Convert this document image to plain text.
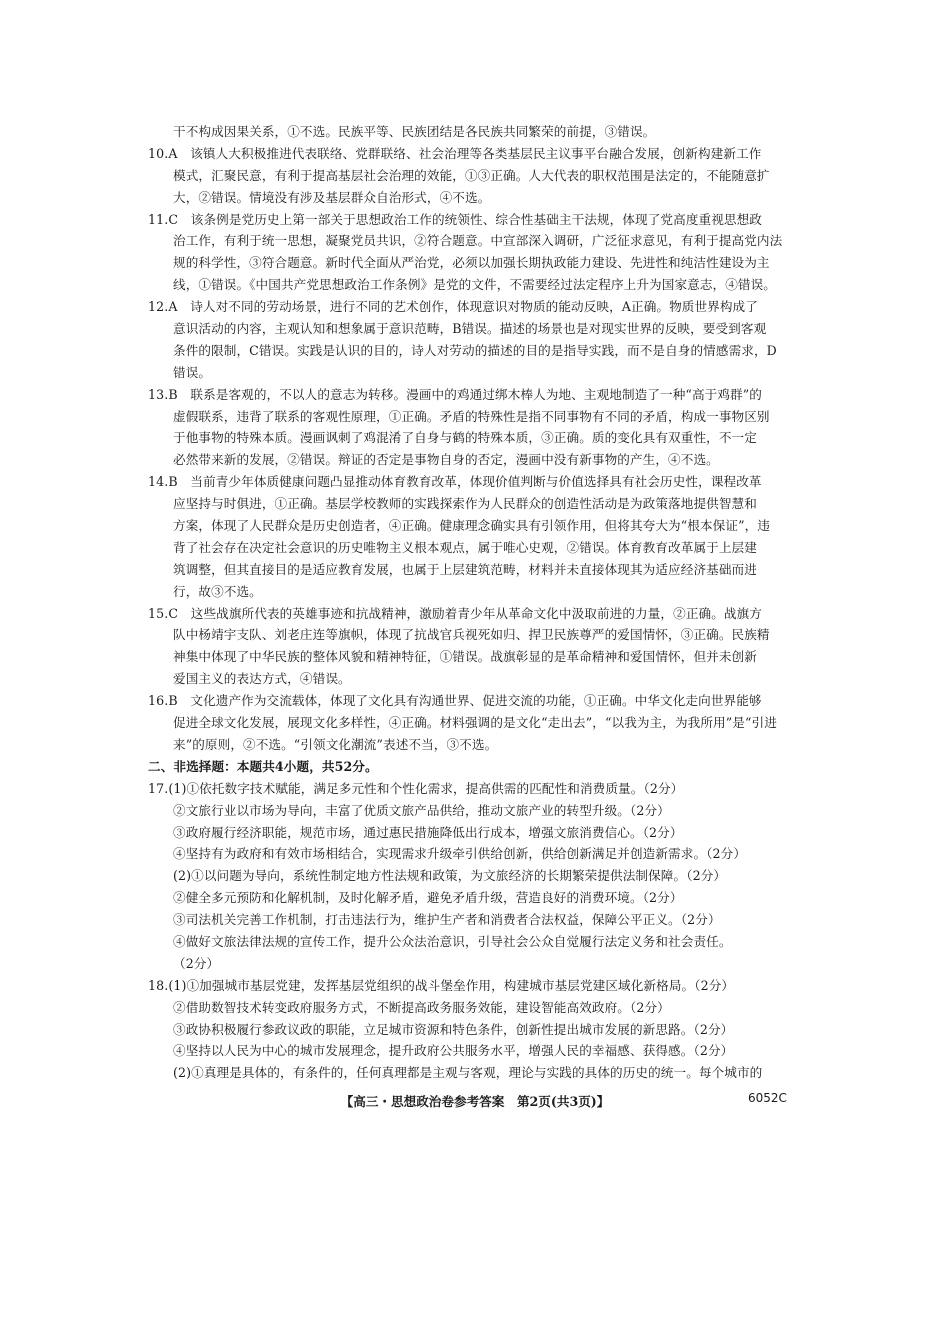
干不构成因果关系，①不选。民族平等、民族团结是各民族共同繁荣的前提，③错误。
10.A　该镇人大积极推进代表联络、党群联络、社会治理等各类基层民主议事平台融合发展，创新构建新工作
模式，汇聚民意，有利于提高基层社会治理的效能，①③正确。人大代表的职权范围是法定的，不能随意扩
大，②错误。情境没有涉及基层群众自治形式，④不选。
11.C　该条例是党历史上第一部关于思想政治工作的统领性、综合性基础主干法规，体现了党高度重视思想政
治工作，有利于统一思想，凝聚党员共识，②符合题意。中宣部深入调研，广泛征求意见，有利于提高党内法
规的科学性，③符合题意。新时代全面从严治党，必须以加强长期执政能力建设、先进性和纯洁性建设为主
线，①错误。《中国共产党思想政治工作条例》是党的文件，不需要经过法定程序上升为国家意志，④错误。
12.A　诗人对不同的劳动场景，进行不同的艺术创作，体现意识对物质的能动反映，A正确。物质世界构成了
意识活动的内容，主观认知和想象属于意识范畴，B错误。描述的场景也是对现实世界的反映，要受到客观
条件的限制，C错误。实践是认识的目的，诗人对劳动的描述的目的是指导实践，而不是自身的情感需求，D
错误。
13.B　联系是客观的，不以人的意志为转移。漫画中的鸡通过绑木棒人为地、主观地制造了一种“高于鸡群”的
虚假联系，违背了联系的客观性原理，①正确。矛盾的特殊性是指不同事物有不同的矛盾，构成一事物区别
于他事物的特殊本质。漫画讽刺了鸡混淆了自身与鹤的特殊本质，③正确。质的变化具有双重性，不一定
必然带来新的发展，②错误。辩证的否定是事物自身的否定，漫画中没有新事物的产生，④不选。
14.B　当前青少年体质健康问题凸显推动体育教育改革，体现价值判断与价值选择具有社会历史性，课程改革
应坚持与时俱进，①正确。基层学校教师的实践探索作为人民群众的创造性活动是为政策落地提供智慧和
方案，体现了人民群众是历史创造者，④正确。健康理念确实具有引领作用，但将其夸大为“根本保证”，违
背了社会存在决定社会意识的历史唯物主义根本观点，属于唯心史观，②错误。体育教育改革属于上层建
筑调整，但其直接目的是适应教育发展，也属于上层建筑范畴，材料并未直接体现其为适应经济基础而进
行，故③不选。
15.C　这些战旗所代表的英雄事迹和抗战精神，激励着青少年从革命文化中汲取前进的力量，②正确。战旗方
队中杨靖宇支队、刘老庄连等旗帜，体现了抗战官兵视死如归、捍卫民族尊严的爱国情怀，③正确。民族精
神集中体现了中华民族的整体风貌和精神特征，①错误。战旗彰显的是革命精神和爱国情怀，但并未创新
爱国主义的表达方式，④错误。
16.B　文化遗产作为交流载体，体现了文化具有沟通世界、促进交流的功能，①正确。中华文化走向世界能够
促进全球文化发展，展现文化多样性，④正确。材料强调的是文化“走出去”，“以我为主，为我所用”是“引进
来”的原则，②不选。“引领文化潮流”表述不当，③不选。
二、非选择题：本题共4小题，共52分。
17.(1)①依托数字技术赋能，满足多元性和个性化需求，提高供需的匹配性和消费质量。（2分）
②文旅行业以市场为导向，丰富了优质文旅产品供给，推动文旅产业的转型升级。（2分）
③政府履行经济职能，规范市场，通过惠民措施降低出行成本，增强文旅消费信心。（2分）
④坚持有为政府和有效市场相结合，实现需求升级牵引供给创新，供给创新满足并创造新需求。（2分）
(2)①以问题为导向，系统性制定地方性法规和政策，为文旅经济的长期繁荣提供法制保障。（2分）
②健全多元预防和化解机制，及时化解矛盾，避免矛盾升级，营造良好的消费环境。（2分）
③司法机关完善工作机制，打击违法行为，维护生产者和消费者合法权益，保障公平正义。（2分）
④做好文旅法律法规的宣传工作，提升公众法治意识，引导社会公众自觉履行法定义务和社会责任。
（2分）
18.(1)①加强城市基层党建，发挥基层党组织的战斗堡垒作用，构建城市基层党建区域化新格局。（2分）
②借助数智技术转变政府服务方式，不断提高政务服务效能，建设智能高效政府。（2分）
③政协积极履行参政议政的职能，立足城市资源和特色条件，创新性提出城市发展的新思路。（2分）
④坚持以人民为中心的城市发展理念，提升政府公共服务水平，增强人民的幸福感、获得感。（2分）
(2)①真理是具体的，有条件的，任何真理都是主观与客观，理论与实践的具体的历史的统一。每个城市的
【高三・思想政治卷参考答案　第2页(共3页)】	6052C
